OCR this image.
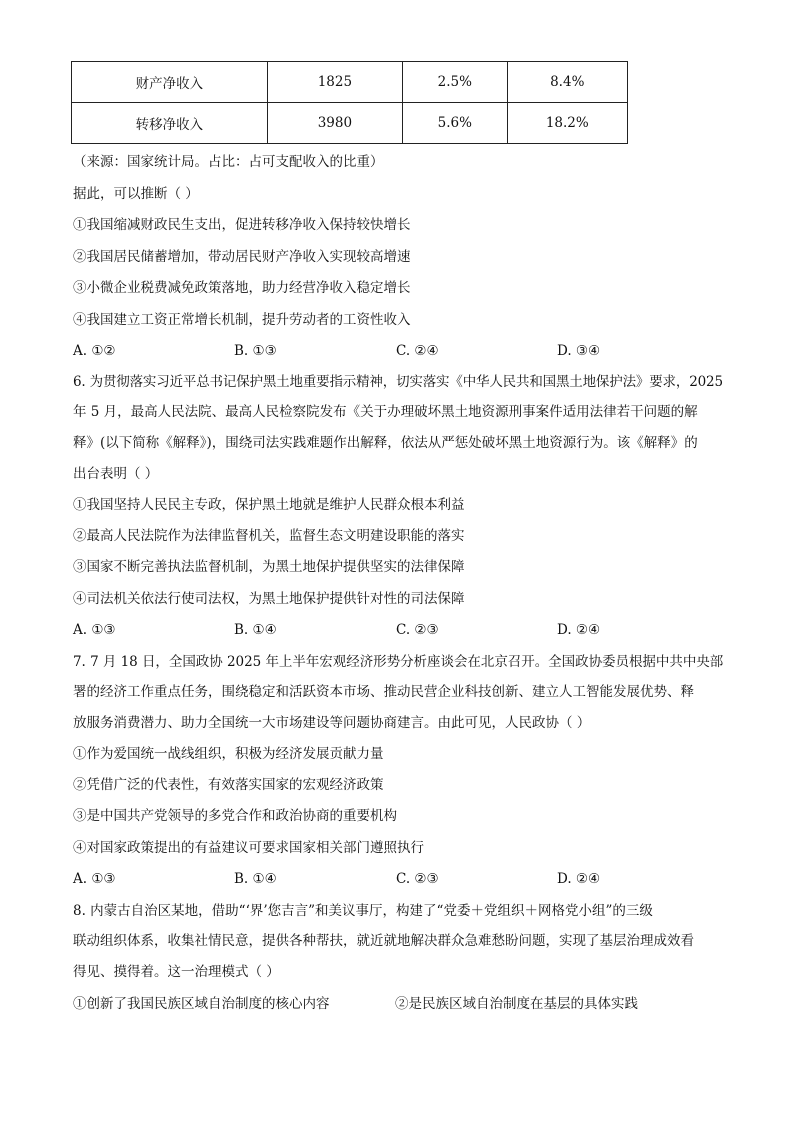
财产净收入	1825	2.5%	8.4%
转移净收入	3980	5.6%	18.2%
（来源：国家统计局。占比：占可支配收入的比重）
据此，可以推断（ ）
①我国缩减财政民生支出，促进转移净收入保持较快增长
②我国居民储蓄增加，带动居民财产净收入实现较高增速
③小微企业税费减免政策落地，助力经营净收入稳定增长
④我国建立工资正常增长机制，提升劳动者的工资性收入
A. ①②	B. ①③	C. ②④	D. ③④
6. 为贯彻落实习近平总书记保护黑土地重要指示精神，切实落实《中华人民共和国黑土地保护法》要求，2025
年 5 月，最高人民法院、最高人民检察院发布《关于办理破坏黑土地资源刑事案件适用法律若干问题的解
释》(以下简称《解释》)，围绕司法实践难题作出解释，依法从严惩处破坏黑土地资源行为。该《解释》的
出台表明（ ）
①我国坚持人民民主专政，保护黑土地就是维护人民群众根本利益
②最高人民法院作为法律监督机关，监督生态文明建设职能的落实
③国家不断完善执法监督机制，为黑土地保护提供坚实的法律保障
④司法机关依法行使司法权，为黑土地保护提供针对性的司法保障
A. ①③	B. ①④	C. ②③	D. ②④
7. 7 月 18 日，全国政协 2025 年上半年宏观经济形势分析座谈会在北京召开。全国政协委员根据中共中央部
署的经济工作重点任务，围绕稳定和活跃资本市场、推动民营企业科技创新、建立人工智能发展优势、释
放服务消费潜力、助力全国统一大市场建设等问题协商建言。由此可见，人民政协（ ）
①作为爱国统一战线组织，积极为经济发展贡献力量
②凭借广泛的代表性，有效落实国家的宏观经济政策
③是中国共产党领导的多党合作和政治协商的重要机构
④对国家政策提出的有益建议可要求国家相关部门遵照执行
A. ①③	B. ①④	C. ②③	D. ②④
8. 内蒙古自治区某地，借助“‘界’您吉言”和美议事厅，构建了“党委＋党组织＋网格党小组”的三级
联动组织体系，收集社情民意，提供各种帮扶，就近就地解决群众急难愁盼问题，实现了基层治理成效看
得见、摸得着。这一治理模式（ ）
①创新了我国民族区域自治制度的核心内容	②是民族区域自治制度在基层的具体实践
